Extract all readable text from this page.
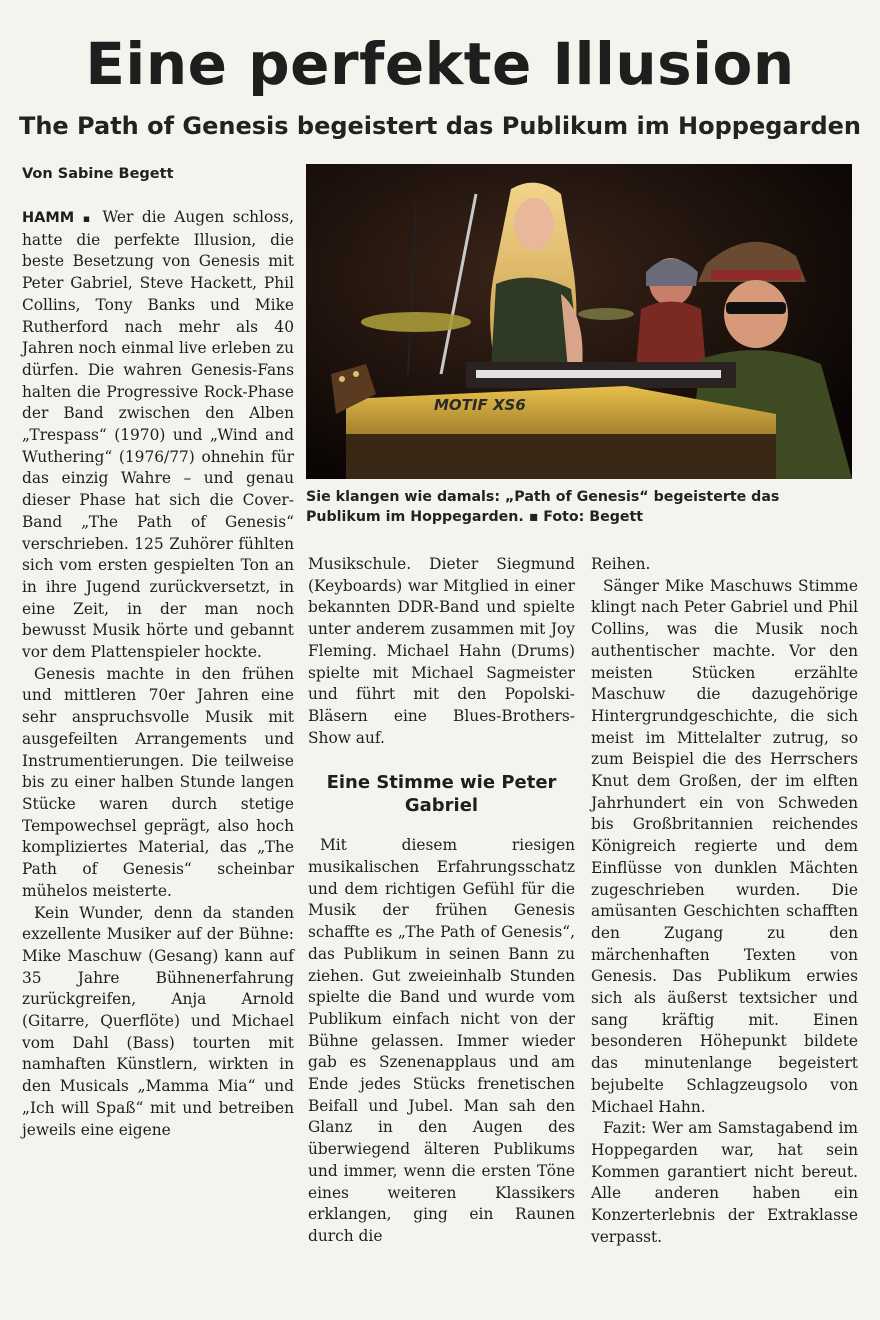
Eine perfekte Illusion
The Path of Genesis begeistert das Publikum im Hoppegarden
Von Sabine Begett

HAMM ▪ Wer die Augen schloss, hatte die perfekte Illusion, die beste Besetzung von Genesis mit Peter Gabriel, Steve Hackett, Phil Collins, Tony Banks und Mike Rutherford nach mehr als 40 Jahren noch einmal live erleben zu dürfen. Die wahren Genesis-Fans halten die Progressive Rock-Phase der Band zwischen den Alben „Trespass“ (1970) und „Wind and Wuthering“ (1976/77) ohnehin für das einzig Wahre – und genau dieser Phase hat sich die Cover-Band „The Path of Genesis“ verschrieben. 125 Zuhörer fühlten sich vom ersten gespielten Ton an in ihre Jugend zurückversetzt, in eine Zeit, in der man noch bewusst Musik hörte und gebannt vor dem Plattenspieler hockte.

Genesis machte in den frühen und mittleren 70er Jahren eine sehr anspruchsvolle Musik mit ausgefeilten Arrangements und Instrumentierungen. Die teilweise bis zu einer halben Stunde langen Stücke waren durch stetige Tempowechsel geprägt, also hoch kompliziertes Material, das „The Path of Genesis“ scheinbar mühelos meisterte.

Kein Wunder, denn da standen exzellente Musiker auf der Bühne: Mike Maschuw (Gesang) kann auf 35 Jahre Bühnenerfahrung zurückgreifen, Anja Arnold (Gitarre, Querflöte) und Michael vom Dahl (Bass) tourten mit namhaften Künstlern, wirkten in den Musicals „Mamma Mia“ und „Ich will Spaß“ mit und betreiben jeweils eine eigene

MOTIF XS6
Sie klangen wie damals: „Path of Genesis“ begeisterte das Publikum im Hoppegarden. ▪ Foto: Begett

Musikschule. Dieter Siegmund (Keyboards) war Mitglied in einer bekannten DDR-Band und spielte unter anderem zusammen mit Joy Fleming. Michael Hahn (Drums) spielte mit Michael Sagmeister und führt mit den Popolski-Bläsern eine Blues-Brothers-Show auf.

Eine Stimme wie Peter Gabriel

Mit diesem riesigen musikalischen Erfahrungsschatz und dem richtigen Gefühl für die Musik der frühen Genesis schaffte es „The Path of Genesis“, das Publikum in seinen Bann zu ziehen. Gut zweieinhalb Stunden spielte die Band und wurde vom Publikum einfach nicht von der Bühne gelassen. Immer wieder gab es Szenenapplaus und am Ende jedes Stücks frenetischen Beifall und Jubel. Man sah den Glanz in den Augen des überwiegend älteren Publikums und immer, wenn die ersten Töne eines weiteren Klassikers erklangen, ging ein Raunen durch die

Reihen.

Sänger Mike Maschuws Stimme klingt nach Peter Gabriel und Phil Collins, was die Musik noch authentischer machte. Vor den meisten Stücken erzählte Maschuw die dazugehörige Hintergrundgeschichte, die sich meist im Mittelalter zutrug, so zum Beispiel die des Herrschers Knut dem Großen, der im elften Jahrhundert ein von Schweden bis Großbritannien reichendes Königreich regierte und dem Einflüsse von dunklen Mächten zugeschrieben wurden. Die amüsanten Geschichten schafften den Zugang zu den märchenhaften Texten von Genesis. Das Publikum erwies sich als äußerst textsicher und sang kräftig mit. Einen besonderen Höhepunkt bildete das minutenlange begeistert bejubelte Schlagzeugsolo von Michael Hahn.

Fazit: Wer am Samstagabend im Hoppegarden war, hat sein Kommen garantiert nicht bereut. Alle anderen haben ein Konzerterlebnis der Extraklasse verpasst.
